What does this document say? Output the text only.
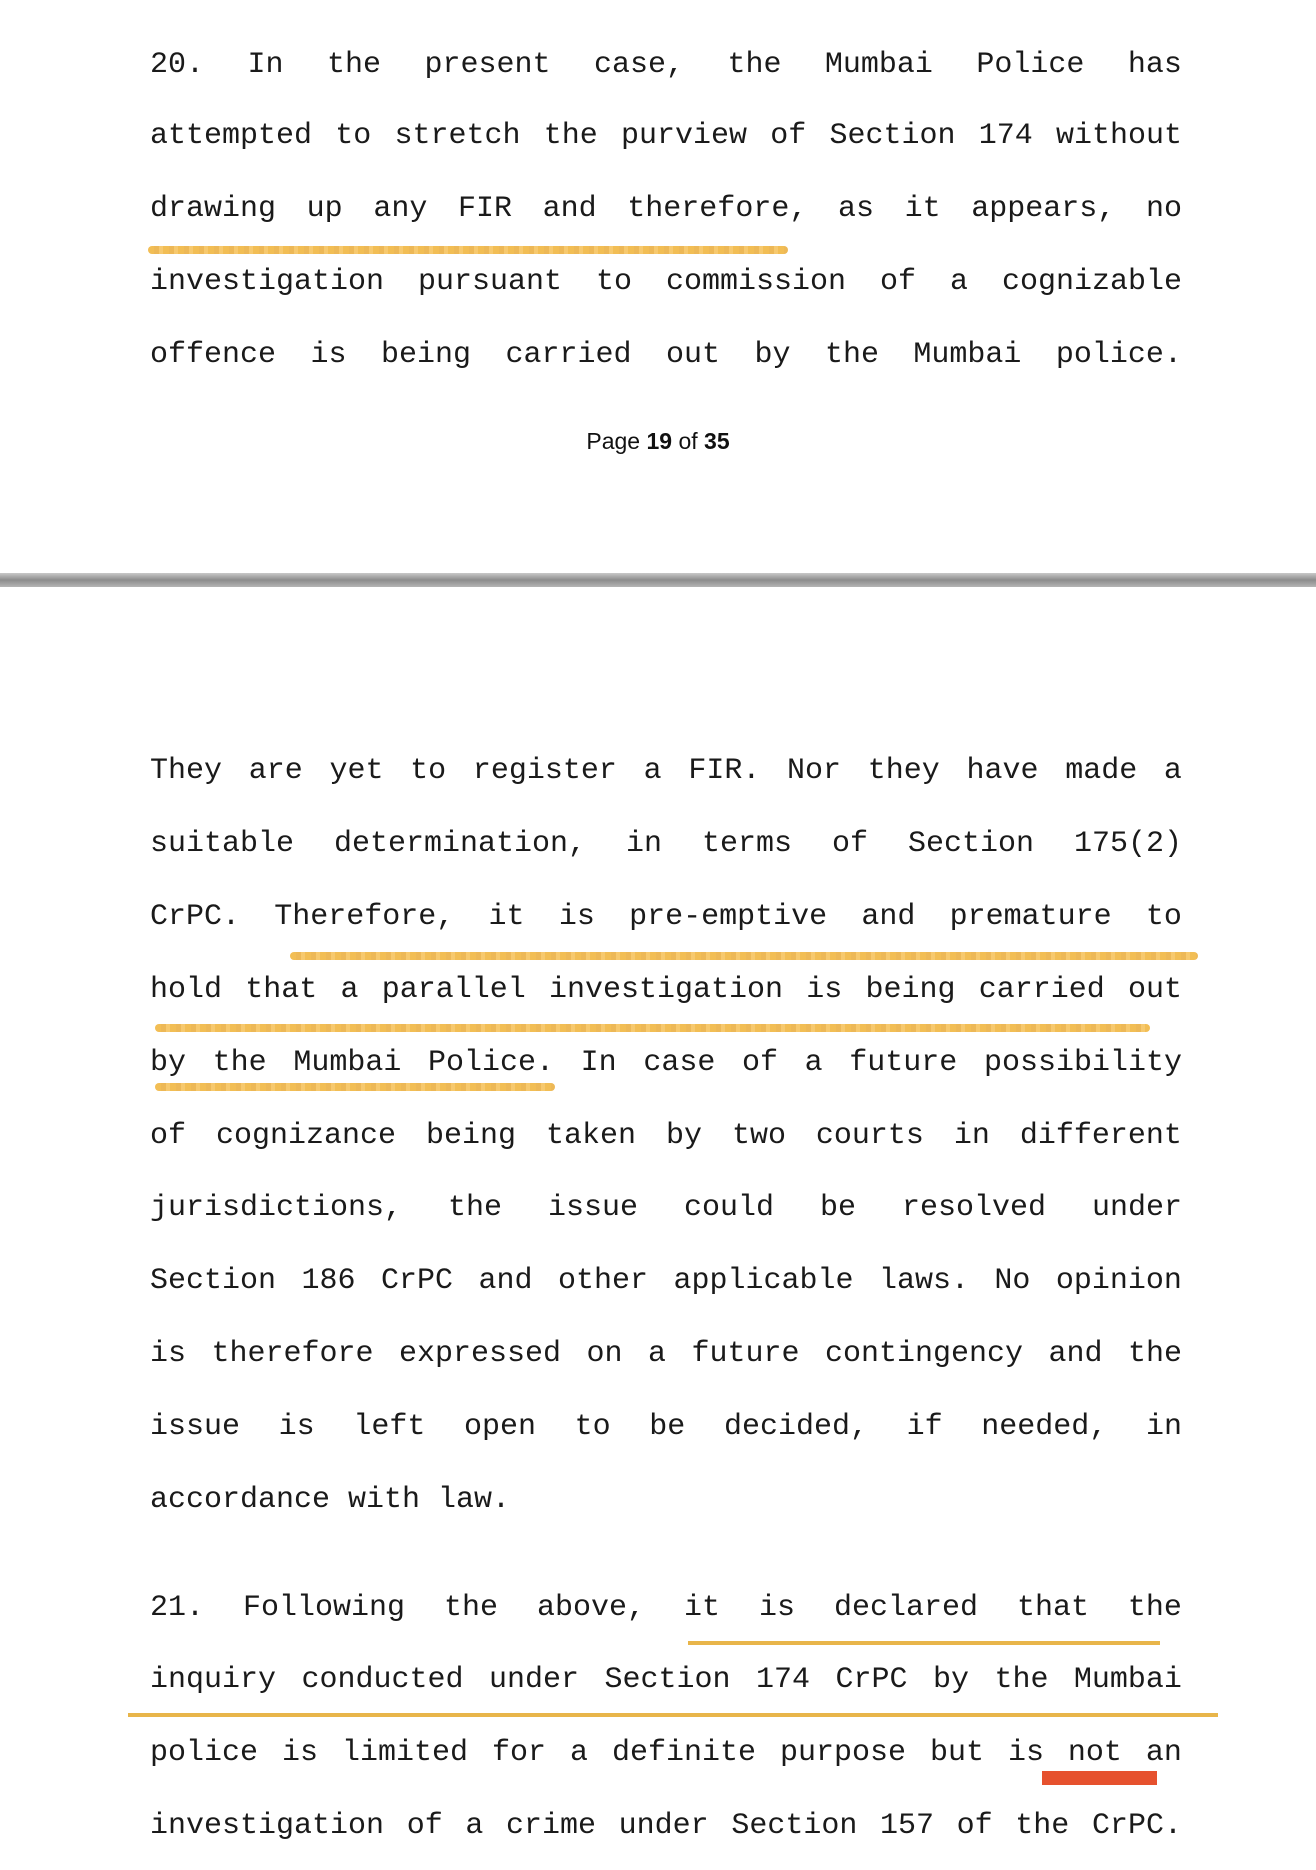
20. In the present case, the Mumbai Police has
attempted to stretch the purview of Section 174 without
drawing up any FIR and therefore, as it appears, no
investigation pursuant to commission of a cognizable
offence is being carried out by the Mumbai police.
Page 19 of 35
They are yet to register a FIR. Nor they have made a
suitable determination, in terms of Section 175(2)
CrPC. Therefore, it is pre-emptive and premature to
hold that a parallel investigation is being carried out
by the Mumbai Police. In case of a future possibility
of cognizance being taken by two courts in different
jurisdictions, the issue could be resolved under
Section 186 CrPC and other applicable laws. No opinion
is therefore expressed on a future contingency and the
issue is left open to be decided, if needed, in
accordance with law.
21. Following the above, it is declared that the
inquiry conducted under Section 174 CrPC by the Mumbai
police is limited for a definite purpose but is not an
investigation of a crime under Section 157 of the CrPC.
